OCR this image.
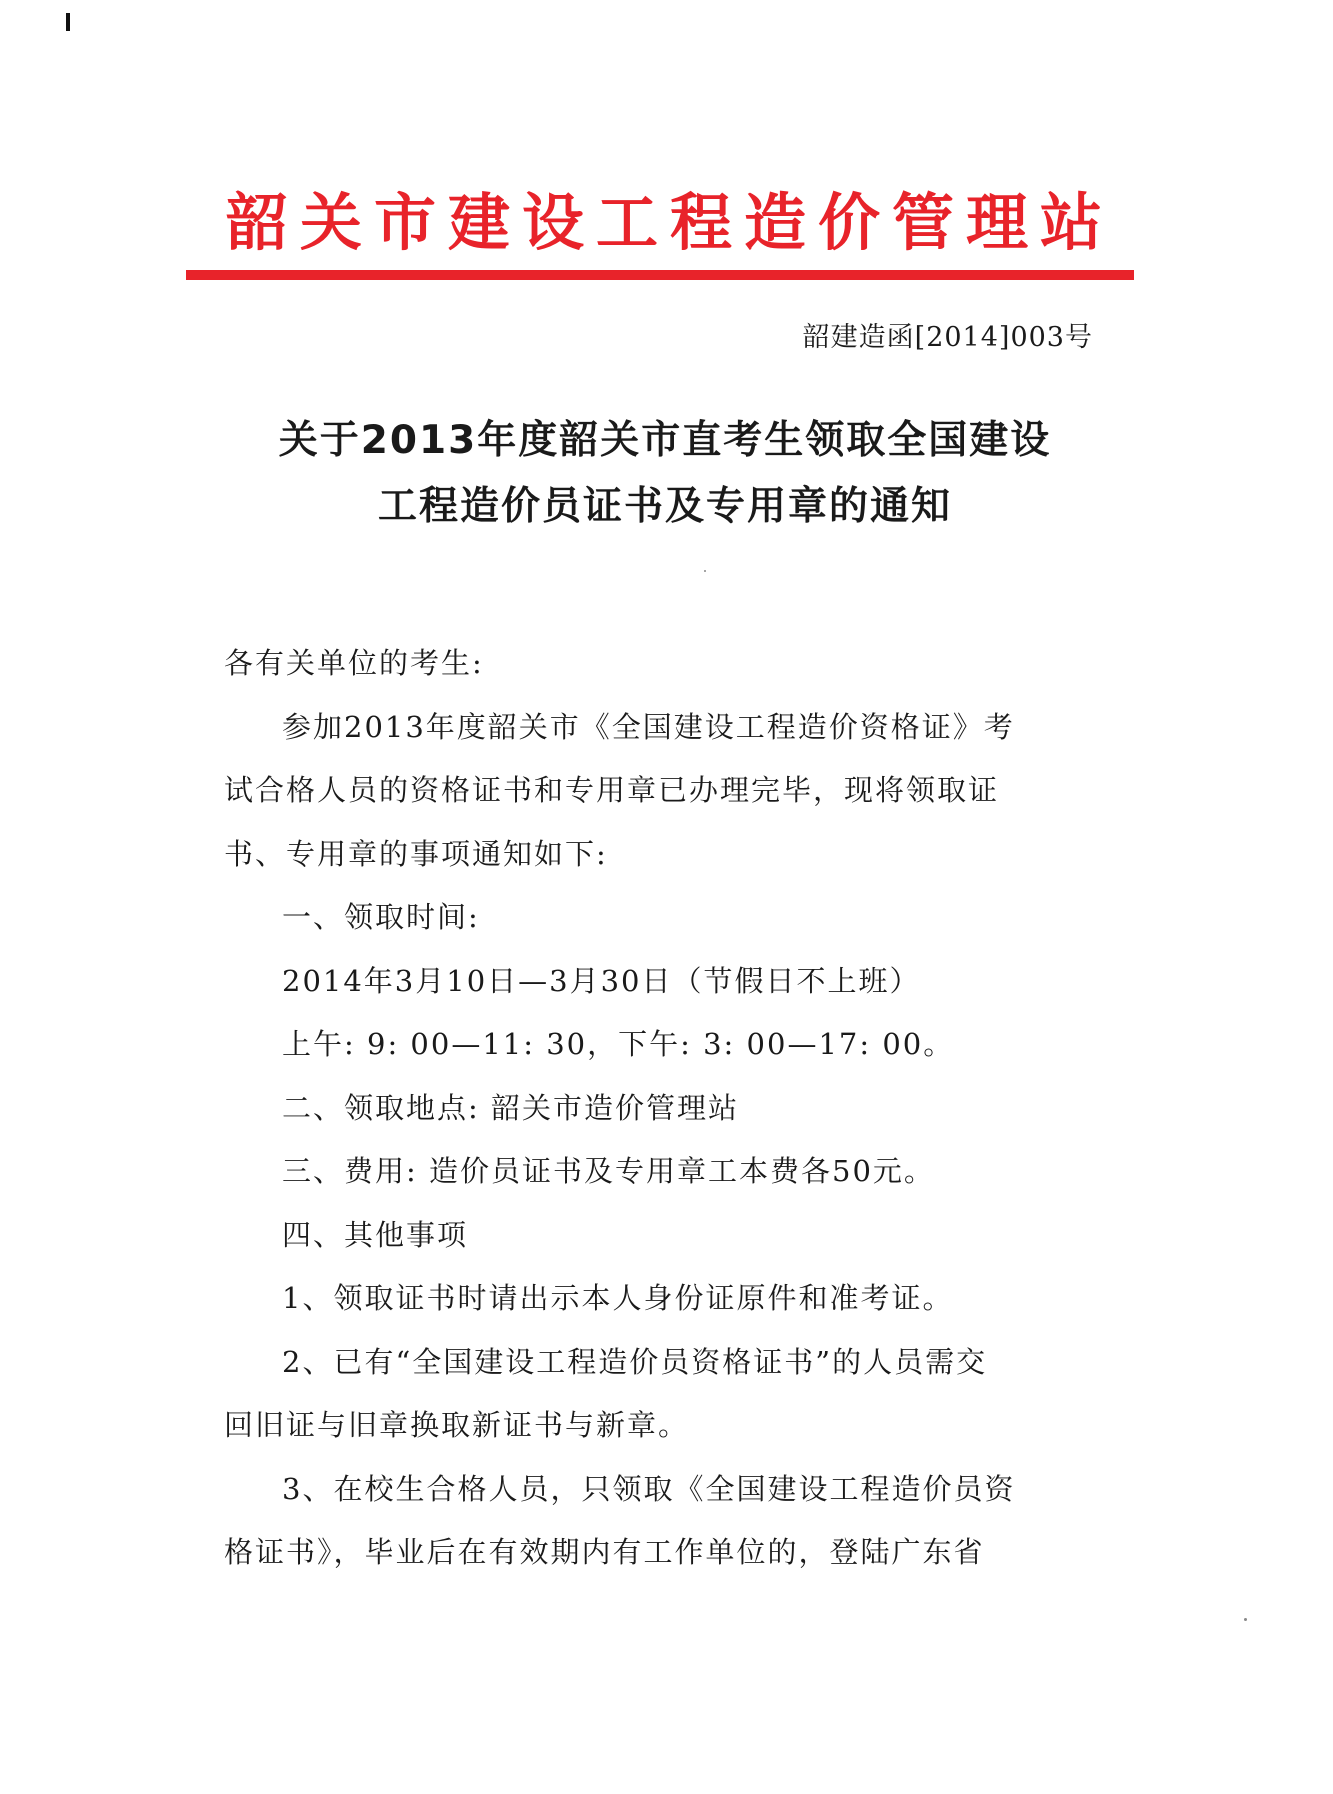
韶关市建设工程造价管理站
韶建造函[2014]003号
关于2013年度韶关市直考生领取全国建设
工程造价员证书及专用章的通知

各有关单位的考生:

参加2013年度韶关市《全国建设工程造价资格证》考

试合格人员的资格证书和专用章已办理完毕，现将领取证

书、专用章的事项通知如下:

一、领取时间:

2014年3月10日—3月30日（节假日不上班）

上午: 9: 00—11: 30，下午: 3: 00—17: 00。

二、领取地点: 韶关市造价管理站

三、费用: 造价员证书及专用章工本费各50元。

四、其他事项

1、领取证书时请出示本人身份证原件和准考证。

2、已有“全国建设工程造价员资格证书”的人员需交

回旧证与旧章换取新证书与新章。

3、在校生合格人员，只领取《全国建设工程造价员资

格证书》，毕业后在有效期内有工作单位的，登陆广东省
